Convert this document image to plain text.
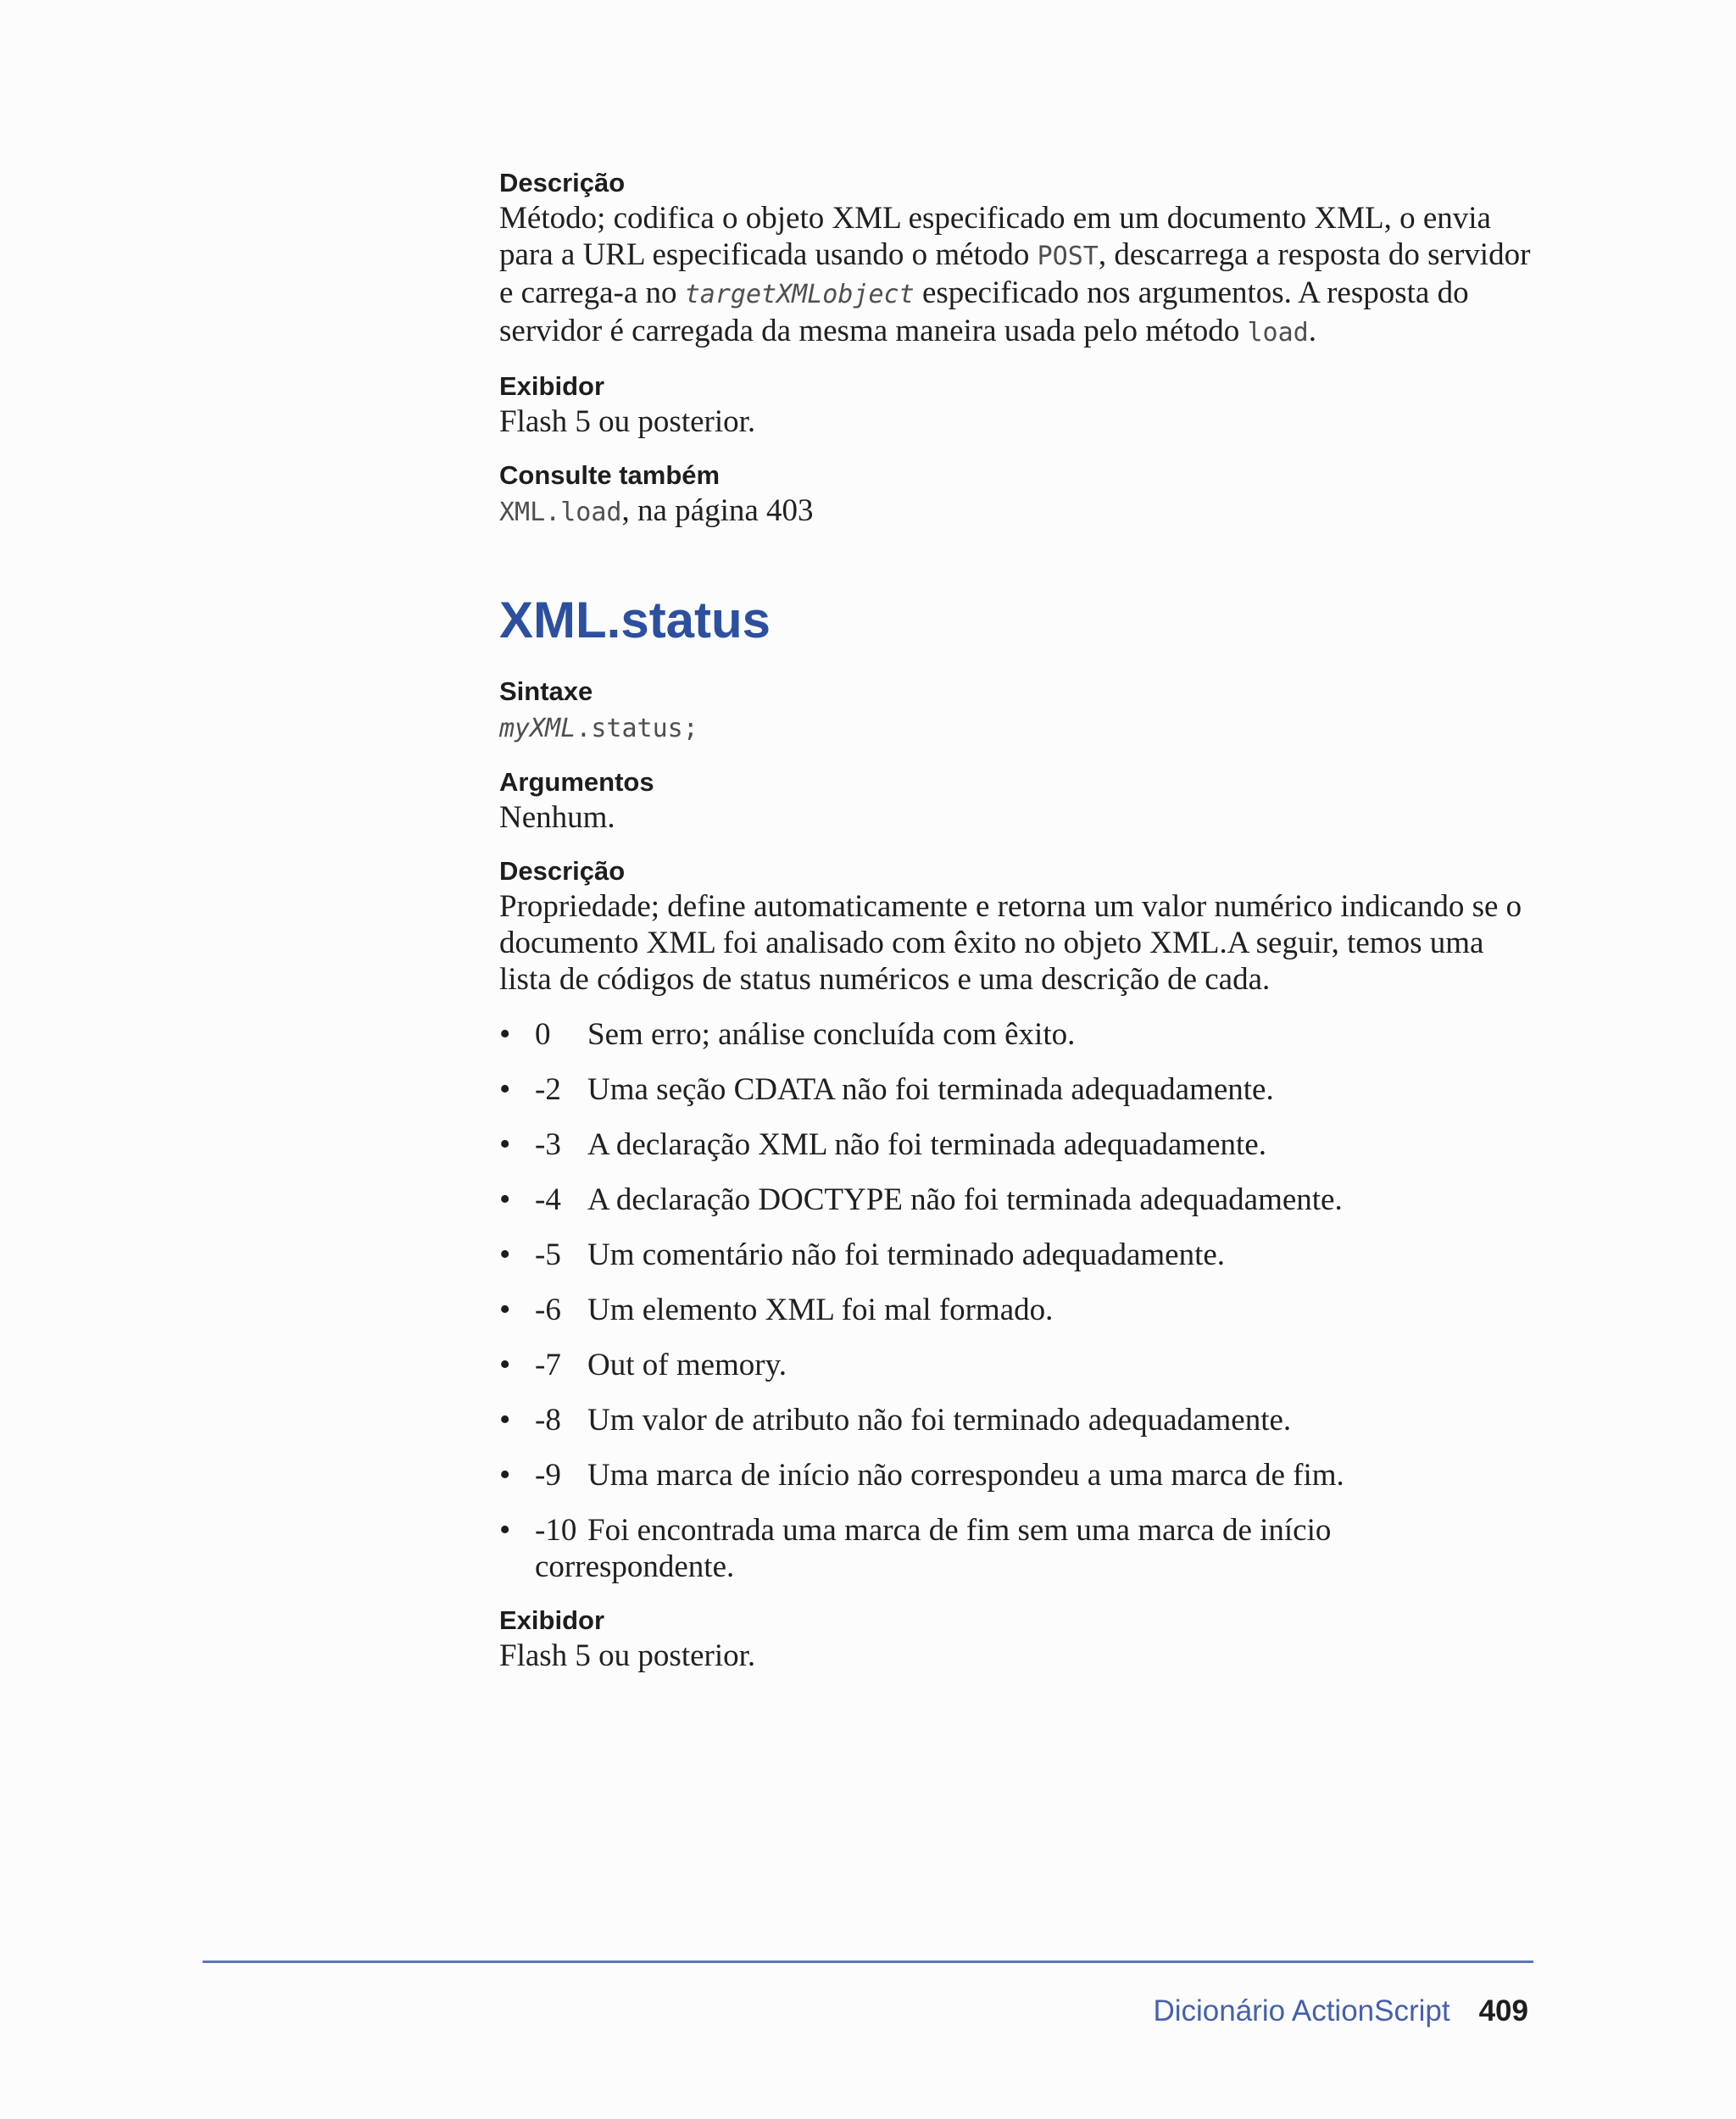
Descrição

Método; codifica o objeto XML especificado em um documento XML, o envia para a URL especificada usando o método POST, descarrega a resposta do servidor e carrega-a no targetXMLobject especificado nos argumentos. A resposta do servidor é carregada da mesma maneira usada pelo método load.

Exibidor

Flash 5 ou posterior.

Consulte também

XML.load, na página 403

XML.status

Sintaxe

myXML.status;

Argumentos

Nenhum.

Descrição

Propriedade; define automaticamente e retorna um valor numérico indicando se o documento XML foi analisado com êxito no objeto XML.A seguir, temos uma lista de códigos de status numéricos e uma descrição de cada.

• 0 Sem erro; análise concluída com êxito.
• -2 Uma seção CDATA não foi terminada adequadamente.
• -3 A declaração XML não foi terminada adequadamente.
• -4 A declaração DOCTYPE não foi terminada adequadamente.
• -5 Um comentário não foi terminado adequadamente.
• -6 Um elemento XML foi mal formado.
• -7 Out of memory.
• -8 Um valor de atributo não foi terminado adequadamente.
• -9 Uma marca de início não correspondeu a uma marca de fim.
• -10 Foi encontrada uma marca de fim sem uma marca de início correspondente.

Exibidor

Flash 5 ou posterior.

Dicionário ActionScript 409
